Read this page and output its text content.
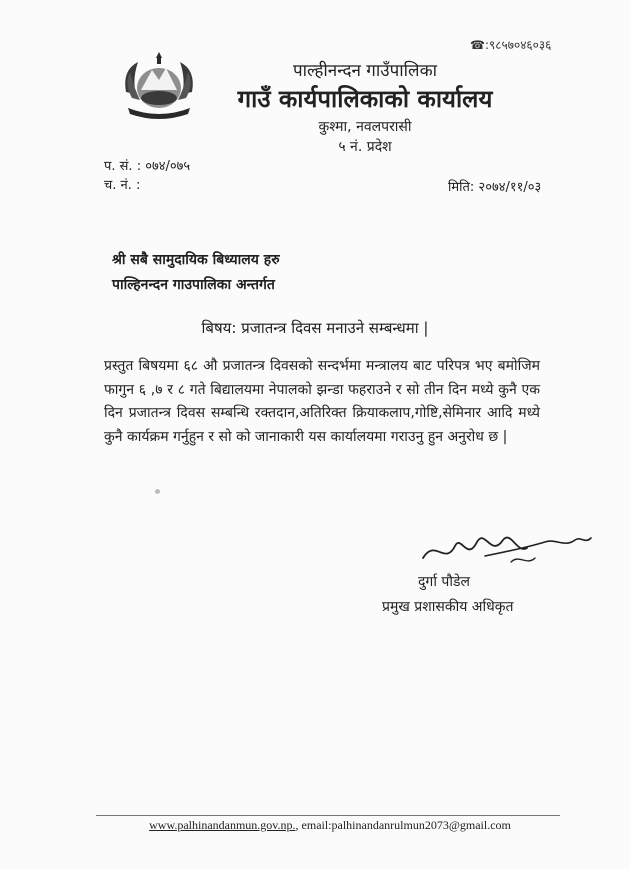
☎:९८५७०४६०३६
पाल्हीनन्दन गाउँपालिका
गाउँ कार्यपालिकाको कार्यालय
कुश्मा, नवलपरासी
५ नं. प्रदेश
प. सं. : ०७४/०७५
च. नं. :	मिति: २०७४/११/०३
श्री सबै सामुदायिक बिध्यालय हरु
पाल्हिनन्दन गाउपालिका अन्तर्गत
बिषय: प्रजातन्त्र दिवस मनाउने सम्बन्धमा |
प्रस्तुत बिषयमा ६८ औ प्रजातन्त्र दिवसको सन्दर्भमा मन्त्रालय बाट परिपत्र भए बमोजिम फागुन ६ ,७ र ८ गते बिद्यालयमा नेपालको झन्डा फहराउने र सो तीन दिन मध्ये कुनै एक दिन प्रजातन्त्र दिवस सम्बन्धि रक्तदान,अतिरिक्त क्रियाकलाप,गोष्टि,सेमिनार आदि मध्ये कुनै कार्यक्रम गर्नुहुन र सो को जानाकारी यस कार्यालयमा गराउनु हुन अनुरोध छ |
दुर्गा पौडेल
प्रमुख प्रशासकीय अधिकृत
www.palhinandanmun.gov.np., email:palhinandanrulmun2073@gmail.com
